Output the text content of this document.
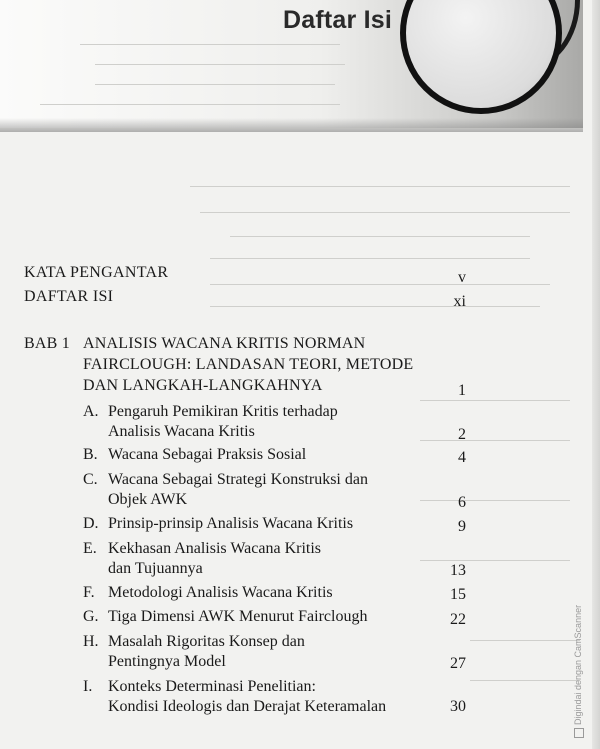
Daftar Isi
KATA PENGANTAR	v
DAFTAR ISI	xi
BAB 1 ANALISIS WACANA KRITIS NORMAN
FAIRCLOUGH: LANDASAN TEORI, METODE
DAN LANGKAH-LANGKAHNYA	1
A. Pengaruh Pemikiran Kritis terhadap
Analisis Wacana Kritis	2
B. Wacana Sebagai Praksis Sosial	4
C. Wacana Sebagai Strategi Konstruksi dan
Objek AWK	6
D. Prinsip-prinsip Analisis Wacana Kritis	9
E. Kekhasan Analisis Wacana Kritis
dan Tujuannya	13
F. Metodologi Analisis Wacana Kritis	15
G. Tiga Dimensi AWK Menurut Fairclough	22
H. Masalah Rigoritas Konsep dan
Pentingnya Model	27
I. Konteks Determinasi Penelitian:
Kondisi Ideologis dan Derajat Keteramalan	30	Digindai dengan CamScanner
